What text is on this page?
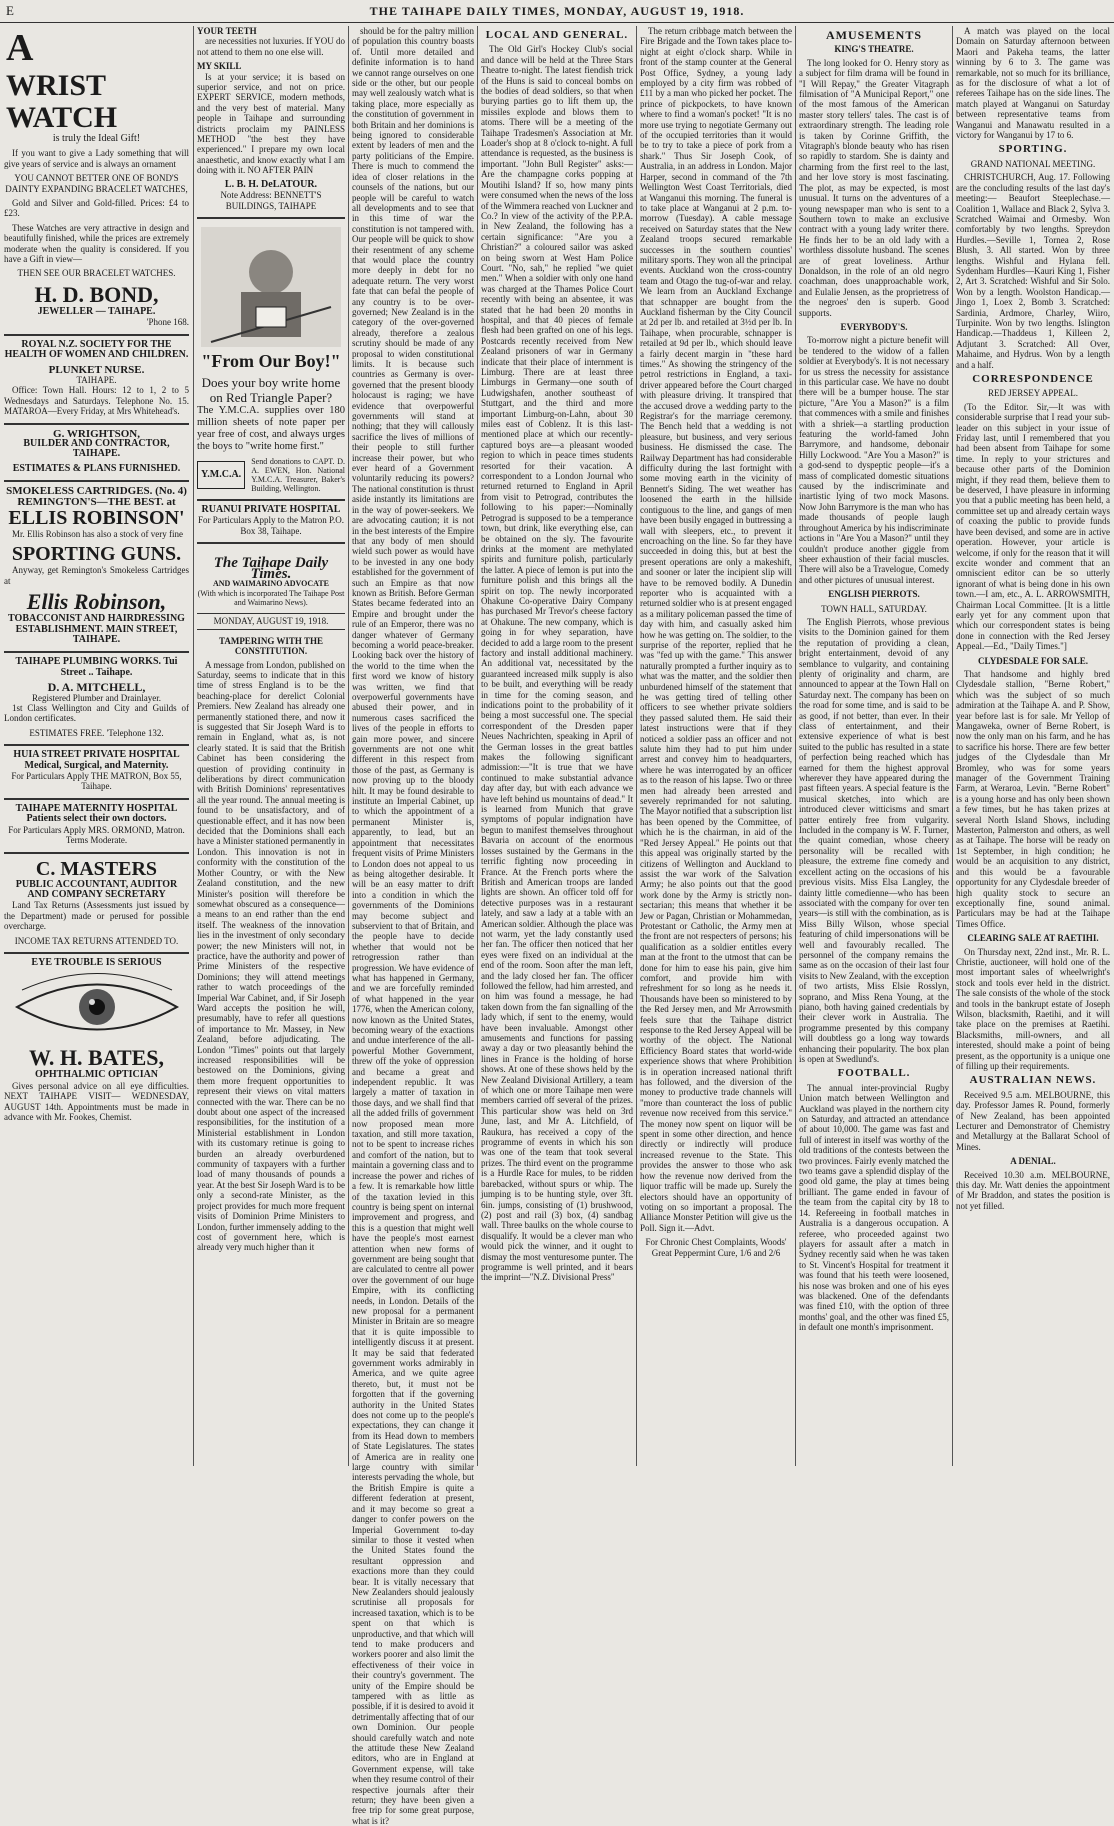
E	THE TAIHAPE DAILY TIMES, MONDAY, AUGUST 19, 1918.
A
WRIST WATCH

is truly the Ideal Gift!

If you want to give a Lady something that will give years of service and is always an ornament

YOU CANNOT BETTER ONE OF BOND'S DAINTY EXPANDING BRACELET WATCHES,

Gold and Silver and Gold-filled. Prices: £4 to £23.

These Watches are very attractive in design and beautifully finished, while the prices are extremely moderate when the quality is considered. If you have a Gift in view—

THEN SEE OUR BRACELET WATCHES.

H. D. BOND,
JEWELLER — TAIHAPE.
'Phone 168.
ROYAL N.Z. SOCIETY FOR THE HEALTH OF WOMEN AND CHILDREN.
PLUNKET NURSE.
TAIHAPE.

Office: Town Hall. Hours: 12 to 1, 2 to 5 Wednesdays and Saturdays. Telephone No. 15. MATAROA—Every Friday, at Mrs Whitehead's.

G. WRIGHTSON,
BUILDER AND CONTRACTOR, TAIHAPE.
ESTIMATES & PLANS FURNISHED.
SMOKELESS CARTRIDGES. (No. 4)
REMINGTON'S—THE BEST. at
ELLIS ROBINSON'

Mr. Ellis Robinson has also a stock of very fine

SPORTING GUNS.

Anyway, get Remington's Smokeless Cartridges at

Ellis Robinson,
TOBACCONIST AND HAIRDRESSING ESTABLISHMENT. MAIN STREET, TAIHAPE.
TAIHAPE PLUMBING WORKS. Tui Street .. Taihape.
D. A. MITCHELL,
Registered Plumber and Drainlayer.

1st Class Wellington and City and Guilds of London certificates.

ESTIMATES FREE. 'Telephone 132.
HUIA STREET PRIVATE HOSPITAL Medical, Surgical, and Maternity.

For Particulars Apply THE MATRON, Box 55, Taihape.

TAIHAPE MATERNITY HOSPITAL Patients select their own doctors.

For Particulars Apply MRS. ORMOND, Matron. Terms Moderate.

C. MASTERS
PUBLIC ACCOUNTANT, AUDITOR AND COMPANY SECRETARY

Land Tax Returns (Assessments just issued by the Department) made or perused for possible overcharge.

INCOME TAX RETURNS ATTENDED TO.
EYE TROUBLE IS SERIOUS
W. H. BATES,
OPHTHALMIC OPTICIAN

Gives personal advice on all eye difficulties. NEXT TAIHAPE VISIT— WEDNESDAY, AUGUST 14th. Appointments must be made in advance with Mr. Fookes, Chemist.

YOUR TEETH

are necessities not luxuries. If YOU do not attend to them no one else will.

MY SKILL

Is at your service; it is based on superior service, and not on price. EXPERT SERVICE, modern methods, and the very best of material. Many people in Taihape and surrounding districts proclaim my PAINLESS METHOD "the best they have experienced." I prepare my own local anaesthetic, and know exactly what I am doing with it. NO AFTER PAIN

L. B. H. DeLATOUR.
Note Address: BENNETT'S BUILDINGS, TAIHAPE
"From Our Boy!"
Does your boy write home on Red Triangle Paper?

The Y.M.C.A. supplies over 180 million sheets of note paper per year free of cost, and always urges the boys to "write home first."

Y.M.C.A.
Send donations to CAPT. D. A. EWEN, Hon. National Y.M.C.A. Treasurer, Baker's Building, Wellington.
RUANUI PRIVATE HOSPITAL

For Particulars Apply to the Matron P.O. Box 38, Taihape.

The Taihape Daily Times.
AND WAIMARINO ADVOCATE
(With which is incorporated The Taihape Post and Waimarino News).
MONDAY, AUGUST 19, 1918.
TAMPERING WITH THE CONSTITUTION.

A message from London, published on Saturday, seems to indicate that in this time of stress England is to be the beaching-place for derelict Colonial Premiers. New Zealand has already one permanently stationed there, and now it is suggested that Sir Joseph Ward is to remain in England, what as, is not clearly stated. It is said that the British Cabinet has been considering the question of providing continuity in deliberations by direct communication with British Dominions' representatives all the year round. The annual meeting is found to be unsatisfactory, and of questionable effect, and it has now been decided that the Dominions shall each have a Minister stationed permanently in London. This innovation is not in conformity with the constitution of the Mother Country, or with the New Zealand constitution, and the new Minister's position will therefore be somewhat obscured as a consequence—a means to an end rather than the end itself. The weakness of the innovation lies in the investment of only secondary power; the new Ministers will not, in practice, have the authority and power of Prime Ministers of the respective Dominions; they will attend meetings rather to watch proceedings of the Imperial War Cabinet, and, if Sir Joseph Ward accepts the position he will, presumably, have to refer all questions of importance to Mr. Massey, in New Zealand, before adjudicating. The London "Times" points out that largely increased responsibilities will be bestowed on the Dominions, giving them more frequent opportunities to represent their views on vital matters connected with the war. There can be no doubt about one aspect of the increased responsibilities, for the institution of a Ministerial establishment in London with its customary retinue is going to burden an already overburdened community of taxpayers with a further load of many thousands of pounds a year. At the best Sir Joseph Ward is to be only a second-rate Minister, as the project provides for much more frequent visits of Dominion Prime Ministers to London, further immensely adding to the cost of government here, which is already very much higher than it

should be for the paltry million of population this country boasts of. Until more detailed and definite information is to hand we cannot range ourselves on one side or the other, but our people may well zealously watch what is taking place, more especially as the constitution of government in both Britain and her dominions is being ignored to considerable extent by leaders of men and the party politicians of the Empire. There is much to commend the idea of closer relations in the counsels of the nations, but our people will be careful to watch all developments and to see that in this time of war the constitution is not tampered with. Our people will be quick to show their resentment of any scheme that would place the country more deeply in debt for no adequate return. The very worst fate that can befal the people of any country is to be over-governed; New Zealand is in the category of the over-governed already, therefore a zealous scrutiny should be made of any proposal to widen constitutional limits. It is because such countries as Germany is over-governed that the present bloody holocaust is raging; we have evidence that overpowerful governments will stand at nothing; that they will callously sacrifice the lives of millions of their people to still further increase their power, but who ever heard of a Government voluntarily reducing its powers? The national constitution is thrust aside instantly its limitations are in the way of power-seekers. We are advocating caution; it is not in the best interests of the Empire that any body of men should wield such power as would have to be invested in any one body established for the government of such an Empire as that now known as British. Before German States became federated into an Empire and brought under the rule of an Emperor, there was no danger whatever of Germany becoming a world peace-breaker. Looking back over the history of the world to the time when the first word we know of history was written, we find that overpowerful governments have abused their power, and in numerous cases sacrificed the lives of the people in efforts to gain more power, and sincere governments are not one whit different in this respect from those of the past, as Germany is now proving up to the bloody hilt. It may be found desirable to institute an Imperial Cabinet, up to which the appointment of a permanent Minister is, apparently, to lead, but an appointment that necessitates frequent visits of Prime Ministers to London does not appeal to us as being altogether desirable. It will be an easy matter to drift into a condition in which the governments of the Dominions may become subject and subservient to that of Britain, and the people have to decide whether that would not be retrogression rather than progression. We have evidence of what has happened in Germany, and we are forcefully reminded of what happened in the year 1776, when the American colony, now known as the United States, becoming weary of the exactions and undue interference of the all-powerful Mother Government, threw off the yoke of oppression and became a great and independent republic. It was largely a matter of taxation in those days, and we shall find that all the added frills of government now proposed mean more taxation, and still more taxation, not to be spent to increase riches and comfort of the nation, but to maintain a governing class and to increase the power and riches of a few. It is remarkable how little of the taxation levied in this country is being spent on internal improvement and progress, and this is a question that might well have the people's most earnest attention when new forms of government are being sought that are calculated to centre all power over the government of our huge Empire, with its conflicting needs, in London. Details of the new proposal for a permanent Minister in Britain are so meagre that it is quite impossible to intelligently discuss it at present. It may be said that federated government works admirably in America, and we quite agree thereto, but, it must not be forgotten that if the governing authority in the United States does not come up to the people's expectations, they can change it from its Head down to members of State Legislatures. The states of America are in reality one large country with similar interests pervading the whole, but the British Empire is quite a different federation at present, and it may become so great a danger to confer powers on the Imperial Government to-day similar to those it vested when the United States found the resultant oppression and exactions more than they could bear. It is vitally necessary that New Zealanders should jealously scrutinise all proposals for increased taxation, which is to be spent on that which is unproductive, and that which will tend to make producers and workers poorer and also limit the effectiveness of their voice in their country's government. The unity of the Empire should be tampered with as little as possible, if it is desired to avoid it detrimentally affecting that of our own Dominion. Our people should carefully watch and note the attitude these New Zealand editors, who are in England at Government expense, will take when they resume control of their respective journals after their return; they have been given a free trip for some great purpose, what is it?

LOCAL AND GENERAL.

The Old Girl's Hockey Club's social and dance will be held at the Three Stars Theatre to-night. The latest fiendish trick of the Huns is said to conceal bombs on the bodies of dead soldiers, so that when burying parties go to lift them up, the missiles explode and blows them to atoms. There will be a meeting of the Taihape Tradesmen's Association at Mr. Loader's shop at 8 o'clock to-night. A full attendance is requested, as the business is important. "John Bull Register" asks:—Are the champagne corks popping at Moutihi Island? If so, how many pints were consumed when the news of the loss of the Wimmera reached von Luckner and Co.? In view of the activity of the P.P.A. in New Zealand, the following has a certain significance: "Are you a Christian?" a coloured sailor was asked on being sworn at West Ham Police Court. "No, sah," he replied "we quiet men." When a soldier with only one hand was charged at the Thames Police Court recently with being an absentee, it was stated that he had been 20 months in hospital, and that 40 pieces of female flesh had been grafted on one of his legs. Postcards recently received from New Zealand prisoners of war in Germany indicate that their place of internment is Limburg. There are at least three Limburgs in Germany—one south of Ludwigshafen, another southeast of Stuttgart, and the third and more important Limburg-on-Lahn, about 30 miles east of Coblenz. It is this last-mentioned place at which our recently-captured boys are—a pleasant wooded region to which in peace times students resorted for their vacation. A correspondent to a London Journal who returned returned to England in April from visit to Petrograd, contributes the following to his paper:—Nominally Petrograd is supposed to be a temperance town, but drink, like everything else, can be obtained on the sly. The favourite drinks at the moment are methylated spirits and furniture polish, particularly the latter. A piece of lemon is put into the furniture polish and this brings all the spirit on top. The newly incorporated Ohakune Co-operative Dairy Company has purchased Mr Trevor's cheese factory at Ohakune. The new company, which is going in for whey separation, have decided to add a large room to the present factory and install additional machinery. An additional vat, necessitated by the guaranteed increased milk supply is also to be built, and everything will be ready in time for the coming season, and indications point to the probability of it being a most successful one. The special correspondent of the Dresden paper Neues Nachrichten, speaking in April of the German losses in the great battles makes the following significant admission:—"It is true that we have continued to make substantial advance day after day, but with each advance we have left behind us mountains of dead." It is learned from Munich that grave symptoms of popular indignation have begun to manifest themselves throughout Bavaria on account of the enormous losses sustained by the Germans in the terrific fighting now proceeding in France. At the French ports where the British and American troops are landed lights are shown. An officer told off for detective purposes was in a restaurant lately, and saw a lady at a table with an American soldier. Although the place was not warm, yet the lady constantly used her fan. The officer then noticed that her eyes were fixed on an individual at the end of the room. Soon after the man left, and the lady closed her fan. The officer followed the fellow, had him arrested, and on him was found a message, he had taken down from the fan signalling of the lady which, if sent to the enemy, would have been invaluable. Amongst other amusements and functions for passing away a day or two pleasantly behind the lines in France is the holding of horse shows. At one of these shows held by the New Zealand Divisional Artillery, a team of which one or more Taihape men were members carried off several of the prizes. This particular show was held on 3rd June, last, and Mr A. Litchfield, of Raukura, has received a copy of the programme of events in which his son was one of the team that took several prizes. The third event on the programme is a Hurdle Race for mules, to be ridden barebacked, without spurs or whip. The jumping is to be hunting style, over 3ft. 6in. jumps, consisting of (1) brushwood, (2) post and rail (3) box, (4) sandbag wall. Three baulks on the whole course to disqualify. It would be a clever man who would pick the winner, and it ought to dismay the most venturesome punter. The programme is well printed, and it bears the imprint—"N.Z. Divisional Press"

The return cribbage match between the Fire Brigade and the Town takes place to-night at eight o'clock sharp. While in front of the stamp counter at the General Post Office, Sydney, a young lady employed by a city firm was robbed of £11 by a man who picked her pocket. The prince of pickpockets, to have known where to find a woman's pocket! "It is no more use trying to negotiate Germany out of the occupied territories than it would be to try to take a piece of pork from a shark." Thus Sir Joseph Cook, of Australia, in an address in London. Major Harper, second in command of the 7th Wellington West Coast Territorials, died at Wanganui this morning. The funeral is to take place at Wanganui at 2 p.m. to-morrow (Tuesday). A cable message received on Saturday states that the New Zealand troops secured remarkable successes in the southern counties' military sports. They won all the principal events. Auckland won the cross-country team and Otago the tug-of-war and relay. We learn from an Auckland Exchange that schnapper are bought from the Auckland fisherman by the City Council at 2d per lb. and retailed at 3½d per lb. In Taihape, when procurable, schnapper is retailed at 9d per lb., which should leave a fairly decent margin in "these hard times." As showing the stringency of the petrol restrictions in England, a taxi-driver appeared before the Court charged with pleasure driving. It transpired that the accused drove a wedding party to the Registrar's for the marriage ceremony. The Bench held that a wedding is not pleasure, but business, and very serious business. He dismissed the case. The Railway Department has had considerable difficulty during the last fortnight with some moving earth in the vicinity of Bennett's Siding. The wet weather has loosened the earth in the hillside contiguous to the line, and gangs of men have been busily engaged in buttressing a wall with sleepers, etc., to prevent it encroaching on the line. So far they have succeeded in doing this, but at best the present operations are only a makeshift, and sooner or later the incipient slip will have to be removed bodily. A Dunedin reporter who is acquainted with a returned soldier who is at present engaged as a military policeman passed the time of day with him, and casually asked him how he was getting on. The soldier, to the surprise of the reporter, replied that he was "fed up with the game." This answer naturally prompted a further inquiry as to what was the matter, and the soldier then unburdened himself of the statement that he was getting tired of telling other officers to see whether private soldiers they passed saluted them. He said their latest instructions were that if they noticed a soldier pass an officer and not salute him they had to put him under arrest and convey him to headquarters, where he was interrogated by an officer as to the reason of his lapse. Two or three men had already been arrested and severely reprimanded for not saluting. The Mayor notified that a subscription list has been opened by the Committee, of which he is the chairman, in aid of the "Red Jersey Appeal." He points out that this appeal was originally started by the citizens of Wellington and Auckland to assist the war work of the Salvation Army; he also points out that the good work done by the Army is strictly non-sectarian; this means that whether it be Jew or Pagan, Christian or Mohammedan, Protestant or Catholic, the Army men at the front are not respecters of persons; his qualification as a soldier entitles every man at the front to the utmost that can be done for him to ease his pain, give him comfort, and provide him with refreshment for so long as he needs it. Thousands have been so ministered to by the Red Jersey men, and Mr Arrowsmith feels sure that the Taihape district response to the Red Jersey Appeal will be worthy of the object. The National Efficiency Board states that world-wide experience shows that where Prohibition is in operation increased national thrift has followed, and the diversion of the money to productive trade channels will "more than counteract the loss of public revenue now received from this service." The money now spent on liquor will be spent in some other direction, and hence directly or indirectly will produce increased revenue to the State. This provides the answer to those who ask how the revenue now derived from the liquor traffic will be made up. Surely the electors should have an opportunity of voting on so important a proposal. The Alliance Monster Petition will give us the Poll. Sign it.—Advt.

For Chronic Chest Complaints, Woods' Great Peppermint Cure, 1/6 and 2/6

AMUSEMENTS
KING'S THEATRE.

The long looked for O. Henry story as a subject for film drama will be found in "I Will Repay," the Greater Vitagraph filmisation of "A Municipal Report," one of the most famous of the American master story tellers' tales. The cast is of extraordinary strength. The leading role is taken by Corinne Griffith, the Vitagraph's blonde beauty who has risen so rapidly to stardom. She is dainty and charming from the first reel to the last, and her love story is most fascinating. The plot, as may be expected, is most unusual. It turns on the adventures of a young newspaper man who is sent to a Southern town to make an exclusive contract with a young lady writer there. He finds her to be an old lady with a worthless dissolute husband. The scenes are of great loveliness. Arthur Donaldson, in the role of an old negro coachman, does unapproachable work, and Eulalie Jensen, as the proprietress of the negroes' den is superb. Good supports.

EVERYBODY'S.

To-morrow night a picture benefit will be tendered to the widow of a fallen soldier at Everybody's. It is not necessary for us stress the necessity for assistance in this particular case. We have no doubt there will be a bumper house. The star picture, "Are You a Mason?" is a film that commences with a smile and finishes with a shriek—a startling production featuring the world-famed John Barrymore, and handsome, debonair Hilly Lockwood. "Are You a Mason?" is a god-send to dyspeptic people—it's a mass of complicated domestic situations caused by the indiscriminate and inartistic lying of two mock Masons. Now John Barrymore is the man who has made thousands of people laugh throughout America by his indiscriminate actions in "Are You a Mason?" until they couldn't produce another giggle from sheer exhaustion of their facial muscles. There will also be a Travelogue, Comedy and other pictures of unusual interest.

ENGLISH PIERROTS.
TOWN HALL, SATURDAY.

The English Pierrots, whose previous visits to the Dominion gained for them the reputation of providing a clean, bright entertainment, devoid of any semblance to vulgarity, and containing plenty of originality and charm, are announced to appear at the Town Hall on Saturday next. The company has been on the road for some time, and is said to be as good, if not better, than ever. In their class of entertainment, and their extensive experience of what is best suited to the public has resulted in a state of perfection being reached which has earned for them the highest approval wherever they have appeared during the past fifteen years. A special feature is the musical sketches, into which are introduced clever witticisms and smart patter entirely free from vulgarity. Included in the company is W. F. Turner, the quaint comedian, whose cheery personality will be recalled with pleasure, the extreme fine comedy and excellent acting on the occasions of his previous visits. Miss Elsa Langley, the dainty little comedienne—who has been associated with the company for over ten years—is still with the combination, as is Miss Billy Wilson, whose special featuring of child impersonations will be well and favourably recalled. The personnel of the company remains the same as on the occasion of their last four visits to New Zealand, with the exception of two artists, Miss Elsie Rosslyn, soprano, and Miss Rena Young, at the piano, both having gained credentials by their clever work in Australia. The programme presented by this company will doubtless go a long way towards enhancing their popularity. The box plan is open at Swedlund's.

FOOTBALL.

The annual inter-provincial Rugby Union match between Wellington and Auckland was played in the northern city on Saturday, and attracted an attendance of about 10,000. The game was fast and full of interest in itself was worthy of the old traditions of the contests between the two provinces. Fairly evenly matched the two teams gave a splendid display of the good old game, the play at times being brilliant. The game ended in favour of the team from the capital city by 18 to 14. Refereeing in football matches in Australia is a dangerous occupation. A referee, who proceeded against two players for assault after a match in Sydney recently said when he was taken to St. Vincent's Hospital for treatment it was found that his teeth were loosened, his nose was broken and one of his eyes was blackened. One of the defendants was fined £10, with the option of three months' goal, and the other was fined £5, in default one month's imprisonment.

A match was played on the local Domain on Saturday afternoon between Maori and Pakeha teams, the latter winning by 6 to 3. The game was remarkable, not so much for its brilliance, as for the disclosure of what a lot of referees Taihape has on the side lines. The match played at Wanganui on Saturday between representative teams from Wanganui and Manawatu resulted in a victory for Wanganui by 17 to 6.

SPORTING.
GRAND NATIONAL MEETING.

CHRISTCHURCH, Aug. 17. Following are the concluding results of the last day's meeting:— Beaufort Steeplechase.—Coalition 1, Wallace and Black 2, Sylva 3. Scratched Waimai and Ormesby. Won comfortably by two lengths. Spreydon Hurdles.—Seville 1, Tornea 2, Rose Blush, 3. All started. Won by three lengths. Wishful and Hylana fell. Sydenham Hurdles—Kauri King 1, Fisher 2, Art 3. Scratched: Wishful and Sir Solo. Won by a length. Woolston Handicap.—Jingo 1, Loex 2, Bomb 3. Scratched: Sardinia, Ardmore, Charley, Wiiro, Turpinite. Won by two lengths. Islington Handicap.—Thaddeus 1, Killeen 2, Adjutant 3. Scratched: All Over, Mahaime, and Hydrus. Won by a length and a half.

CORRESPONDENCE
RED JERSEY APPEAL.

(To the Editor. Sir,—It was with considerable surprise that I read your sub-leader on this subject in your issue of Friday last, until I remembered that you had been absent from Taihape for some time. In reply to your strictures and because other parts of the Dominion might, if they read them, believe them to be deserved, I have pleasure in informing you that a public meeting has been held, a committee set up and already certain ways of coaxing the public to provide funds have been devised, and some are in active operation. However, your article is welcome, if only for the reason that it will excite wonder and comment that an omniscient editor can be so utterly ignorant of what is being done in his own town.—I am, etc., A. L. ARROWSMITH, Chairman Local Committee. [It is a little early yet for any comment upon that which our correspondent states is being done in connection with the Red Jersey Appeal.—Ed., "Daily Times."]

CLYDESDALE FOR SALE.

That handsome and highly bred Clydesdale stallion, "Berne Robert," which was the subject of so much admiration at the Taihape A. and P. Show, year before last is for sale. Mr Yellop of Mangaweka, owner of Berne Robert, is now the only man on his farm, and he has to sacrifice his horse. There are few better judges of the Clydesdale than Mr Bromley, who was for some years manager of the Government Training Farm, at Weraroa, Levin. "Berne Robert" is a young horse and has only been shown a few times, but he has taken prizes at several North Island Shows, including Masterton, Palmerston and others, as well as at Taihape. The horse will be ready on 1st September, in high condition; he would be an acquisition to any district, and this would be a favourable opportunity for any Clydesdale breeder of high quality stock to secure an exceptionally fine, sound animal. Particulars may be had at the Taihape Times Office.

CLEARING SALE AT RAETIHI.

On Thursday next, 22nd inst., Mr. R. L. Christie, auctioneer, will hold one of the most important sales of wheelwright's stock and tools ever held in the district. The sale consists of the whole of the stock and tools in the bankrupt estate of Joseph Wilson, blacksmith, Raetihi, and it will take place on the premises at Raetihi. Blacksmiths, mill-owners, and all interested, should make a point of being present, as the opportunity is a unique one of filling up their requirements.

AUSTRALIAN NEWS.

Received 9.5 a.m. MELBOURNE, this day. Professor James R. Pound, formerly of New Zealand, has been appointed Lecturer and Demonstrator of Chemistry and Metallurgy at the Ballarat School of Mines.

A DENIAL.

Received 10.30 a.m. MELBOURNE, this day. Mr. Watt denies the appointment of Mr Braddon, and states the position is not yet filled.
